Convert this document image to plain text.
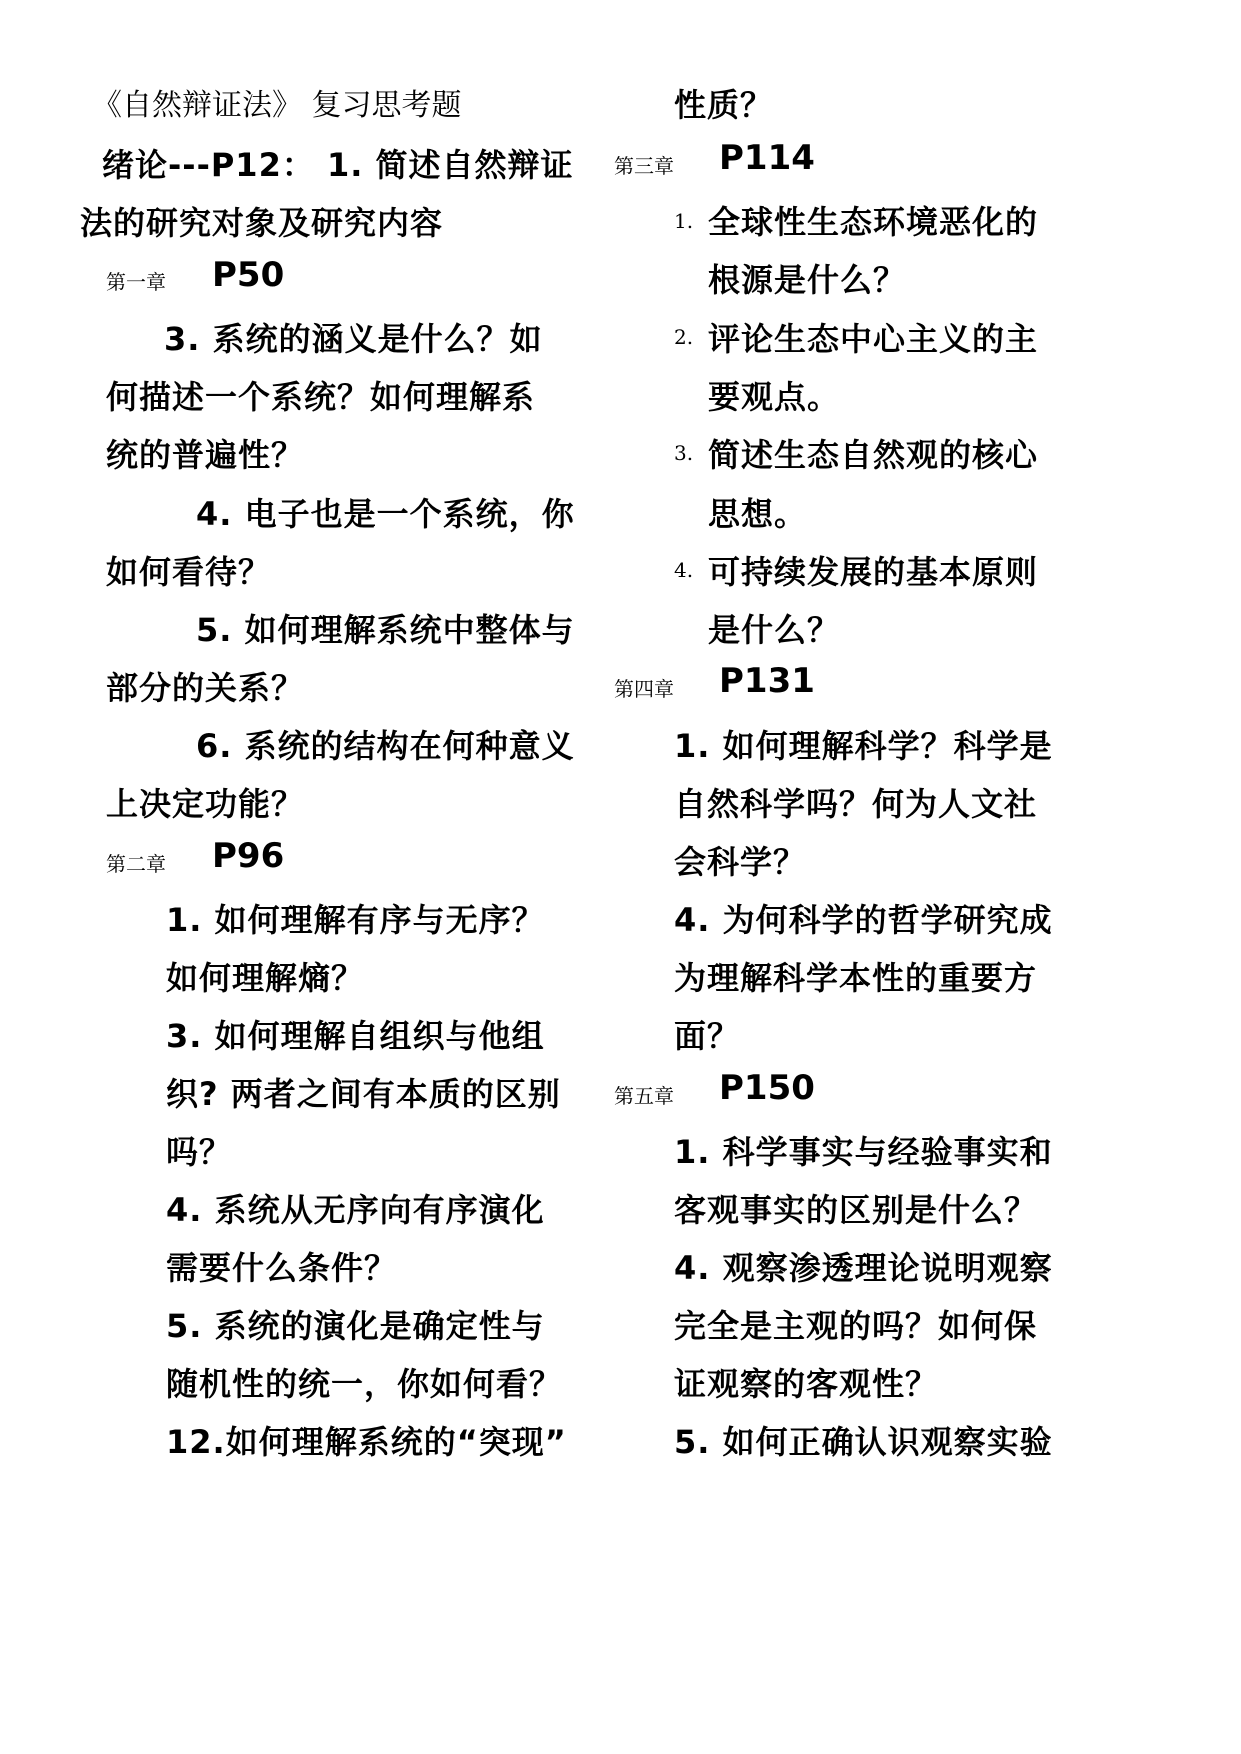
《自然辩证法》 复习思考题
绪论---P12： 1. 简述自然辩证
法的研究对象及研究内容
第一章 P50
3. 系统的涵义是什么？如
何描述一个系统？如何理解系
统的普遍性？
4. 电子也是一个系统，你
如何看待？
5. 如何理解系统中整体与
部分的关系？
6. 系统的结构在何种意义
上决定功能？
第二章 P96
1. 如何理解有序与无序？
如何理解熵？
3. 如何理解自组织与他组
织? 两者之间有本质的区别
吗？
4. 系统从无序向有序演化
需要什么条件？
5. 系统的演化是确定性与
随机性的统一，你如何看？
12.如何理解系统的“突现”
性质？
第三章 P114
1. 全球性生态环境恶化的
根源是什么？
2. 评论生态中心主义的主
要观点。
3. 简述生态自然观的核心
思想。
4. 可持续发展的基本原则
是什么？
第四章 P131
1. 如何理解科学？科学是
自然科学吗？何为人文社
会科学？
4. 为何科学的哲学研究成
为理解科学本性的重要方
面？
第五章 P150
1. 科学事实与经验事实和
客观事实的区别是什么？
4. 观察渗透理论说明观察
完全是主观的吗？如何保
证观察的客观性？
5. 如何正确认识观察实验
